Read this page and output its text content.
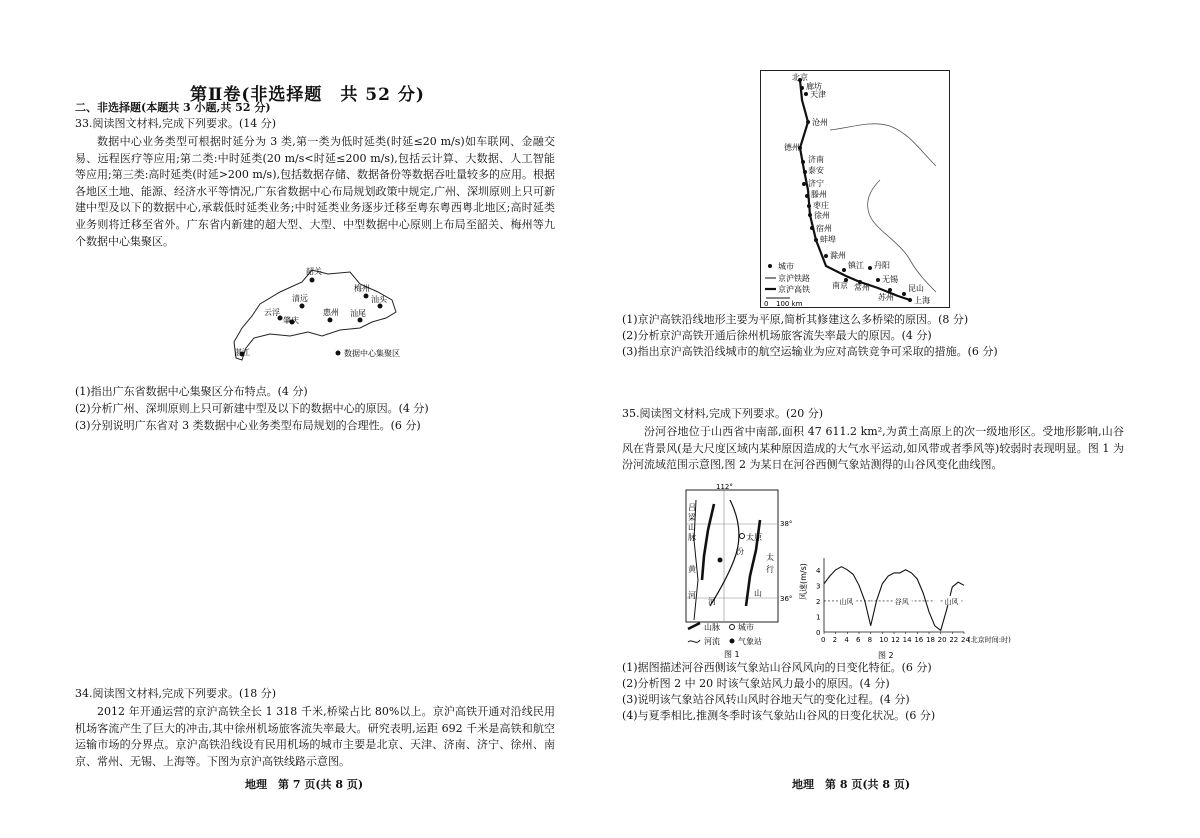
第Ⅱ卷(非选择题　共 52 分)
二、非选择题(本题共 3 小题,共 52 分)
33.阅读图文材料,完成下列要求。(14 分)
数据中心业务类型可根据时延分为 3 类,第一类为低时延类(时延≤20 m/s)如车联网、金融交易、远程医疗等应用;第二类:中时延类(20 m/s<时延≤200 m/s),包括云计算、大数据、人工智能等应用;第三类:高时延类(时延>200 m/s),包括数据存储、数据备份等数据吞吐量较多的应用。根据各地区土地、能源、经济水平等情况,广东省数据中心布局规划政策中规定,广州、深圳原则上只可新建中型及以下的数据中心,承载低时延类业务;中时延类业务逐步迁移至粤东粤西粤北地区;高时延类业务则将迁移至省外。广东省内新建的超大型、大型、中型数据中心原则上布局至韶关、梅州等九个数据中心集聚区。
韶关
梅州
清远	汕头
云浮
肇庆
惠州 汕尾
湛江	数据中心集聚区
(1)指出广东省数据中心集聚区分布特点。(4 分)
(2)分析广州、深圳原则上只可新建中型及以下的数据中心的原因。(4 分)
(3)分别说明广东省对 3 类数据中心业务类型布局规划的合理性。(6 分)
34.阅读图文材料,完成下列要求。(18 分)
2012 年开通运营的京沪高铁全长 1 318 千米,桥梁占比 80%以上。京沪高铁开通对沿线民用机场客流产生了巨大的冲击,其中徐州机场旅客流失率最大。研究表明,运距 692 千米是高铁和航空运输市场的分界点。京沪高铁沿线设有民用机场的城市主要是北京、天津、济南、济宁、徐州、南京、常州、无锡、上海等。下图为京沪高铁线路示意图。
地理　第 7 页(共 8 页)
北京
廊坊
天津
沧州
德州
济南
泰安
济宁
滕州
枣庄
徐州
宿州
蚌埠
滁州
镇江 丹阳
南京 常州
无锡
苏州
昆山
上海
城市
京沪铁路
京沪高铁
0 100 km
(1)京沪高铁沿线地形主要为平原,简析其修建这么多桥梁的原因。(8 分)
(2)分析京沪高铁开通后徐州机场旅客流失率最大的原因。(4 分)
(3)指出京沪高铁沿线城市的航空运输业为应对高铁竞争可采取的措施。(6 分)
35.阅读图文材料,完成下列要求。(20 分)
汾河谷地位于山西省中南部,面积 47 611.2 km²,为黄土高原上的次一级地形区。受地形影响,山谷风在背景风(是大尺度区域内某种原因造成的大气水平运动,如风带或者季风等)较弱时表现明显。图 1 为汾河流域范围示意图,图 2 为某日在河谷西侧气象站测得的山谷风变化曲线图。
112°
38°
36°
吕
梁
山
脉	太原
太
行
山
黄
河
汾
河
山脉 城市
河流 气象站
图 1
风速(m/s)
0
1
2
3
4
0 2 4 6 8 10 12 14 16 18 20 22 24
(北京时间:时)
山风	谷风	山风
图 2
(1)据图描述河谷西侧该气象站山谷风风向的日变化特征。(6 分)
(2)分析图 2 中 20 时该气象站风力最小的原因。(4 分)
(3)说明该气象站谷风转山风时谷地天气的变化过程。(4 分)
(4)与夏季相比,推测冬季时该气象站山谷风的日变化状况。(6 分)
地理　第 8 页(共 8 页)
